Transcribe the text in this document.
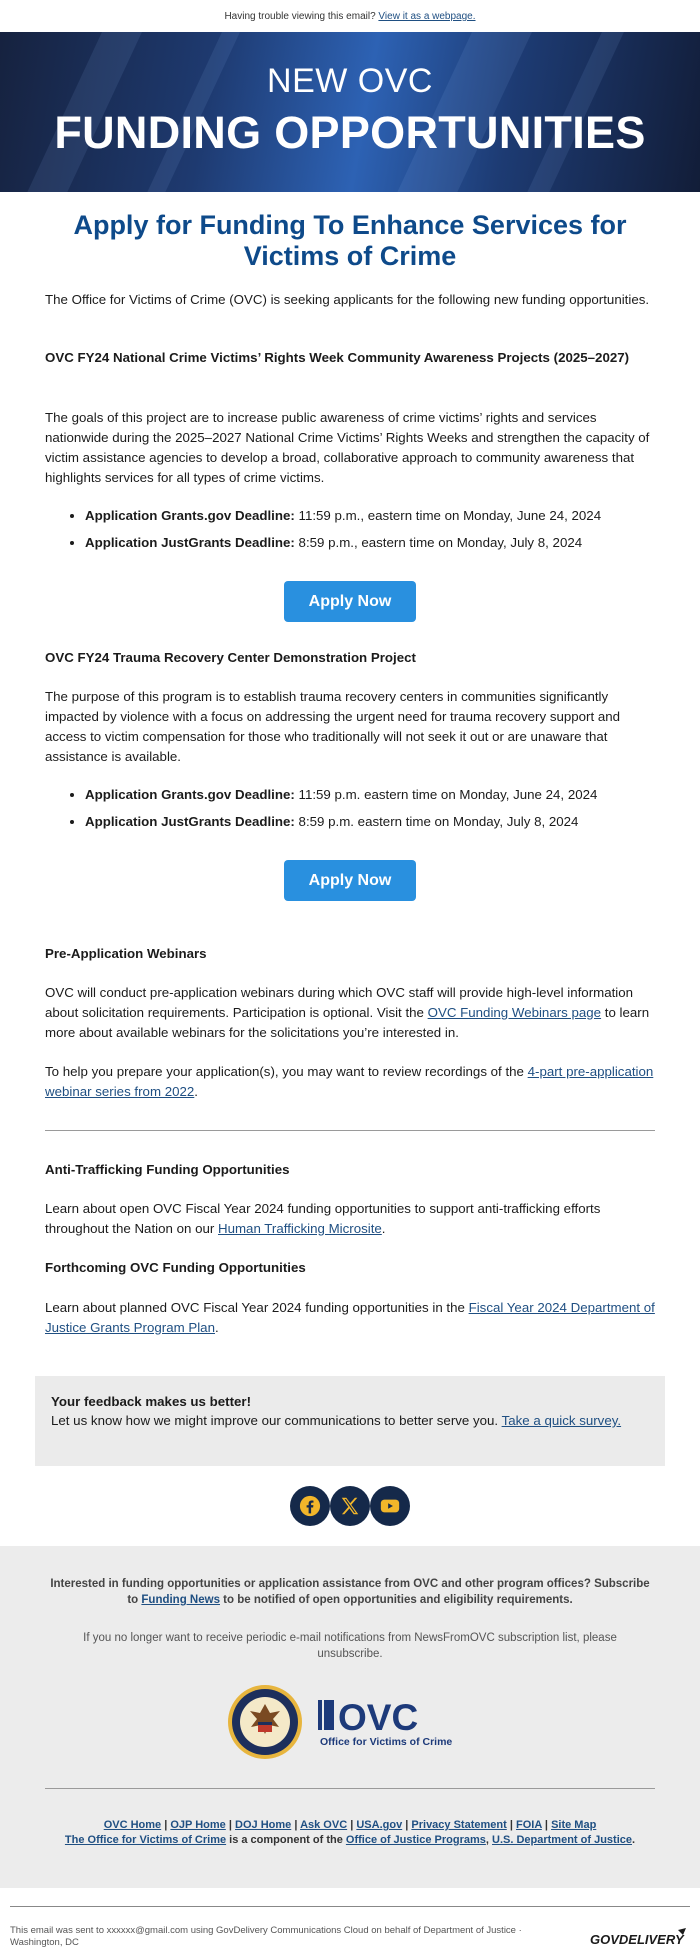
Having trouble viewing this email? View it as a webpage.
NEW OVC
FUNDING OPPORTUNITIES
Apply for Funding To Enhance Services for Victims of Crime

The Office for Victims of Crime (OVC) is seeking applicants for the following new funding opportunities.

OVC FY24 National Crime Victims’ Rights Week Community Awareness Projects (2025–2027)

The goals of this project are to increase public awareness of crime victims’ rights and services nationwide during the 2025–2027 National Crime Victims’ Rights Weeks and strengthen the capacity of victim assistance agencies to develop a broad, collaborative approach to community awareness that highlights services for all types of crime victims.

• Application Grants.gov Deadline: 11:59 p.m., eastern time on Monday, June 24, 2024
• Application JustGrants Deadline: 8:59 p.m., eastern time on Monday, July 8, 2024
Apply Now

OVC FY24 Trauma Recovery Center Demonstration Project

The purpose of this program is to establish trauma recovery centers in communities significantly impacted by violence with a focus on addressing the urgent need for trauma recovery support and access to victim compensation for those who traditionally will not seek it out or are unaware that assistance is available.

• Application Grants.gov Deadline: 11:59 p.m. eastern time on Monday, June 24, 2024
• Application JustGrants Deadline: 8:59 p.m. eastern time on Monday, July 8, 2024
Apply Now

Pre-Application Webinars

OVC will conduct pre-application webinars during which OVC staff will provide high-level information about solicitation requirements. Participation is optional. Visit the OVC Funding Webinars page to learn more about available webinars for the solicitations you’re interested in.

To help you prepare your application(s), you may want to review recordings of the 4-part pre-application webinar series from 2022.

Anti-Trafficking Funding Opportunities

Learn about open OVC Fiscal Year 2024 funding opportunities to support anti-trafficking efforts throughout the Nation on our Human Trafficking Microsite.

Forthcoming OVC Funding Opportunities

Learn about planned OVC Fiscal Year 2024 funding opportunities in the Fiscal Year 2024 Department of Justice Grants Program Plan.

Your feedback makes us better!
Let us know how we might improve our communications to better serve you. Take a quick survey.

Interested in funding opportunities or application assistance from OVC and other program offices? Subscribe to Funding News to be notified of open opportunities and eligibility requirements.

If you no longer want to receive periodic e-mail notifications from NewsFromOVC subscription list, please unsubscribe.

OVC
Office for Victims of Crime
OVC Home | OJP Home | DOJ Home | Ask OVC | USA.gov | Privacy Statement | FOIA | Site Map
The Office for Victims of Crime is a component of the Office of Justice Programs, U.S. Department of Justice.

This email was sent to xxxxxx@gmail.com using GovDelivery Communications Cloud on behalf of Department of Justice · Washington, DC	GOVDELIVERY
